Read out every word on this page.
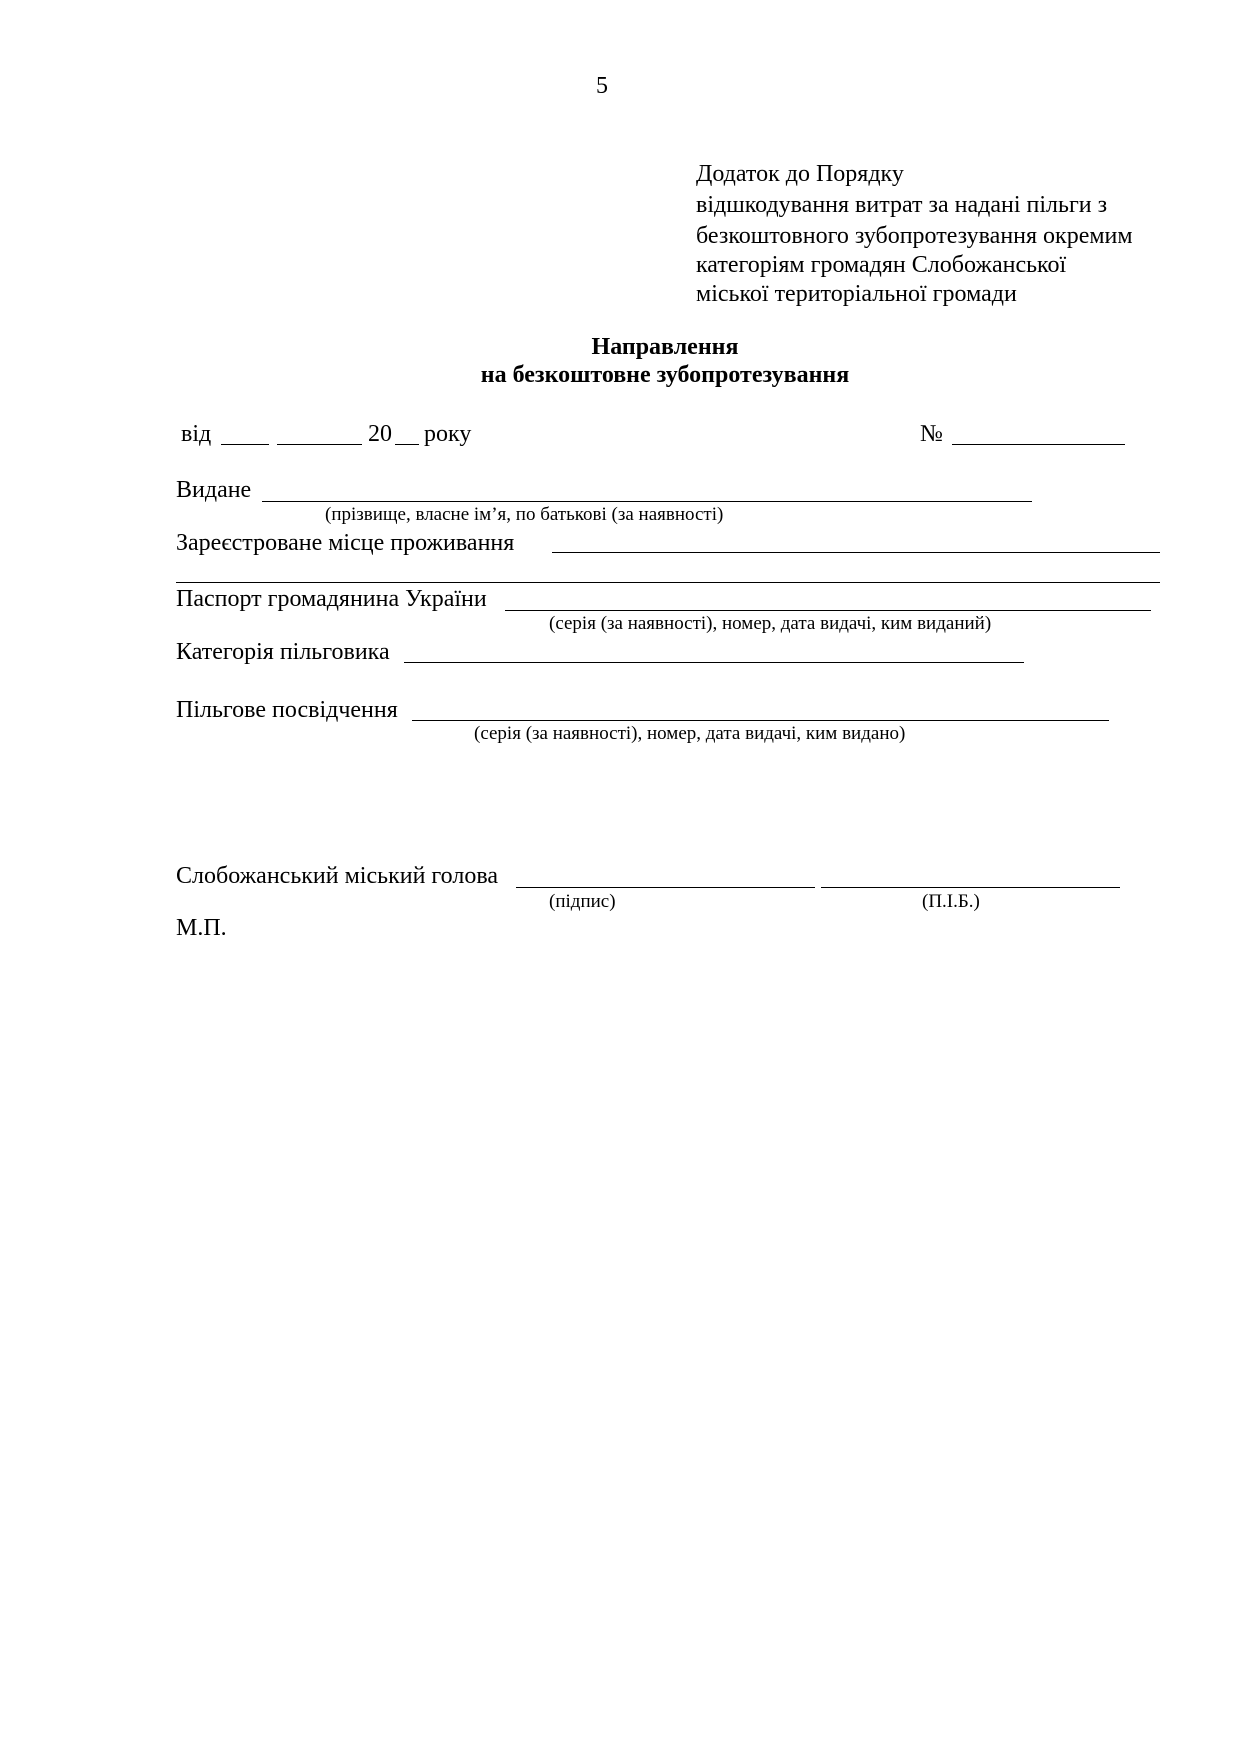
5
Додаток до Порядку
відшкодування витрат за надані пільги з
безкоштовного зубопротезування окремим
категоріям громадян Слобожанської
міської територіальної громади
Направлення
на безкоштовне зубопротезування
від	20 року	№
Видане
(прізвище, власне ім’я, по батькові (за наявності)
Зареєстроване місце проживання
Паспорт громадянина України
(серія (за наявності), номер, дата видачі, ким виданий)
Категорія пільговика
Пільгове посвідчення
(серія (за наявності), номер, дата видачі, ким видано)
Слобожанський міський голова
(підпис)	(П.І.Б.)
М.П.
